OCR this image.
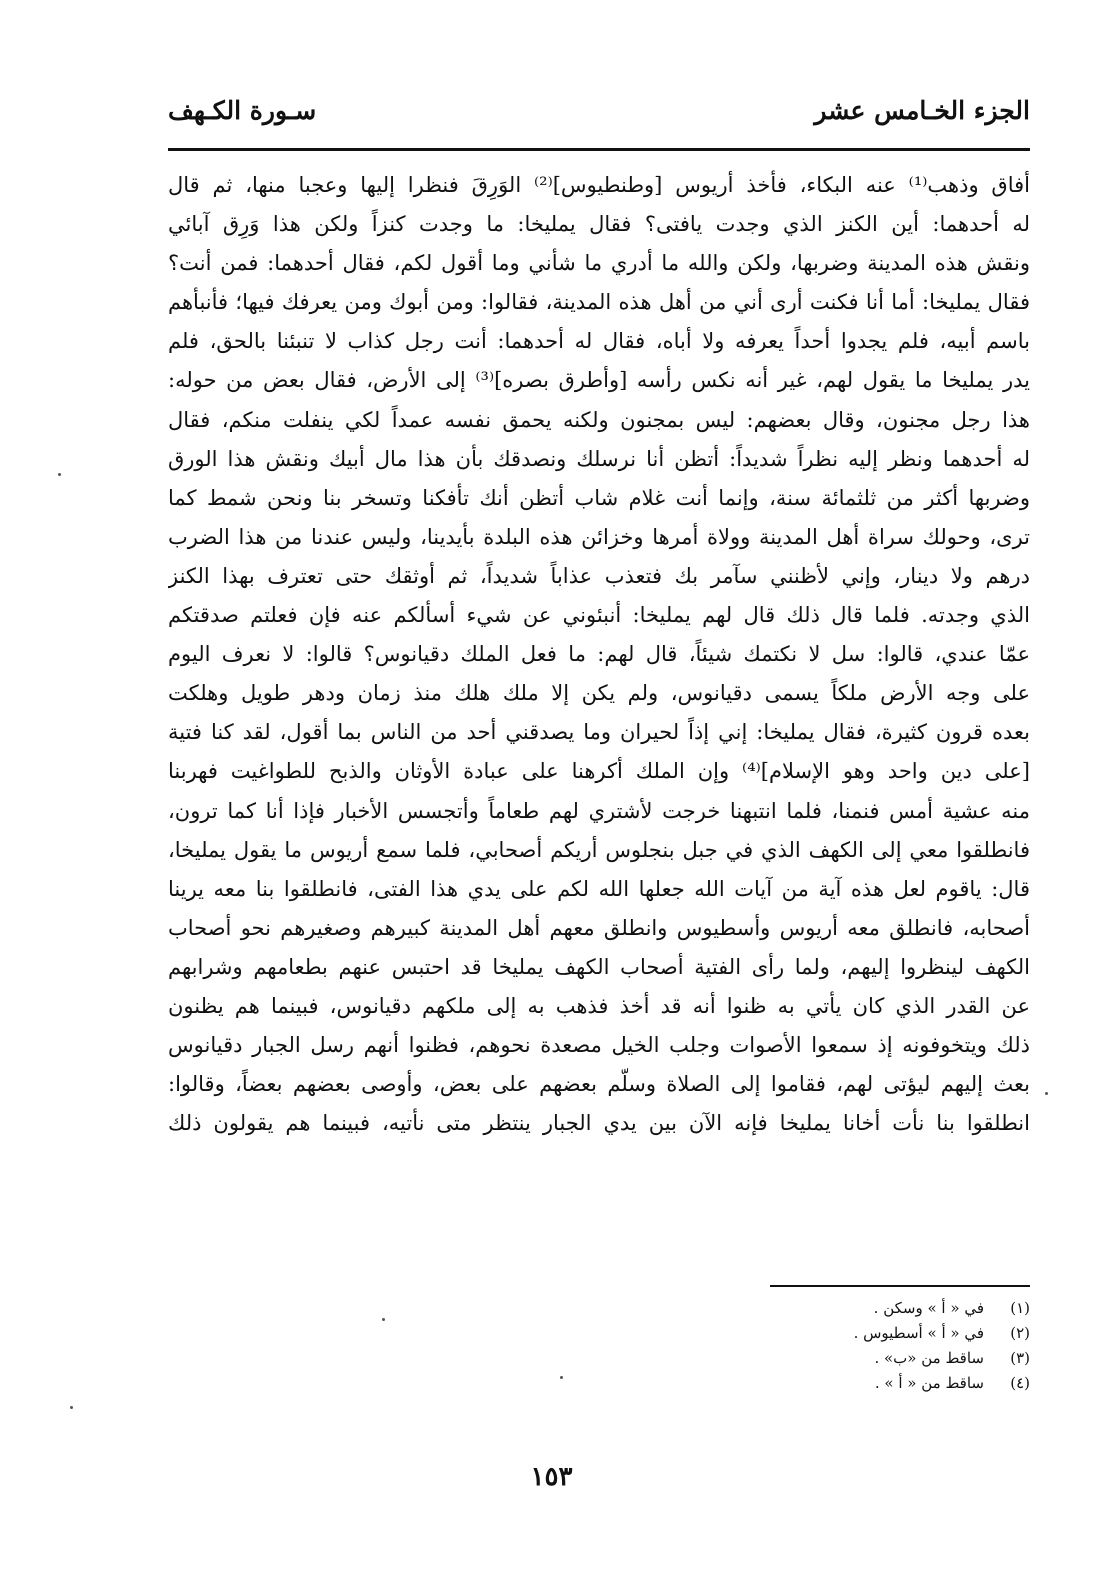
الجزء الخـامس عشر
سـورة الكـهف
أفاق وذهب⁽¹⁾ عنه البكاء، فأخذ أريوس [وطنطيوس]⁽²⁾ الوَرِقَ فنظرا إليها وعجبا منها، ثم قال
له أحدهما: أين الكنز الذي وجدت يافتى؟ فقال يمليخا: ما وجدت كنزاً ولكن هذا وَرِق آبائي
ونقش هذه المدينة وضربها، ولكن والله ما أدري ما شأني وما أقول لكم، فقال أحدهما: فمن أنت؟
فقال يمليخا: أما أنا فكنت أرى أني من أهل هذه المدينة، فقالوا: ومن أبوك ومن يعرفك فيها؛ فأنبأهم
باسم أبيه، فلم يجدوا أحداً يعرفه ولا أباه، فقال له أحدهما: أنت رجل كذاب لا تنبئنا بالحق، فلم
يدر يمليخا ما يقول لهم، غير أنه نكس رأسه [وأطرق بصره]⁽³⁾ إلى الأرض، فقال بعض من حوله:
هذا رجل مجنون، وقال بعضهم: ليس بمجنون ولكنه يحمق نفسه عمداً لكي ينفلت منكم، فقال
له أحدهما ونظر إليه نظراً شديداً: أتظن أنا نرسلك ونصدقك بأن هذا مال أبيك ونقش هذا الورق
وضربها أكثر من ثلثمائة سنة، وإنما أنت غلام شاب أتظن أنك تأفكنا وتسخر بنا ونحن شمط كما
ترى، وحولك سراة أهل المدينة وولاة أمرها وخزائن هذه البلدة بأيدينا، وليس عندنا من هذا الضرب
درهم ولا دينار، وإني لأظنني سآمر بك فتعذب عذاباً شديداً، ثم أوثقك حتى تعترف بهذا الكنز
الذي وجدته. فلما قال ذلك قال لهم يمليخا: أنبئوني عن شيء أسألكم عنه فإن فعلتم صدقتكم
عمّا عندي، قالوا: سل لا نكتمك شيئاً، قال لهم: ما فعل الملك دقيانوس؟ قالوا: لا نعرف اليوم
على وجه الأرض ملكاً يسمى دقيانوس، ولم يكن إلا ملك هلك منذ زمان ودهر طويل وهلكت
بعده قرون كثيرة، فقال يمليخا: إني إذاً لحيران وما يصدقني أحد من الناس بما أقول، لقد كنا فتية
[على دين واحد وهو الإسلام]⁽⁴⁾ وإن الملك أكرهنا على عبادة الأوثان والذبح للطواغيت فهربنا
منه عشية أمس فنمنا، فلما انتبهنا خرجت لأشتري لهم طعاماً وأتجسس الأخبار فإذا أنا كما ترون،
فانطلقوا معي إلى الكهف الذي في جبل بنجلوس أريكم أصحابي، فلما سمع أريوس ما يقول يمليخا،
قال: ياقوم لعل هذه آية من آيات الله جعلها الله لكم على يدي هذا الفتى، فانطلقوا بنا معه يرينا
أصحابه، فانطلق معه أريوس وأسطيوس وانطلق معهم أهل المدينة كبيرهم وصغيرهم نحو أصحاب
الكهف لينظروا إليهم، ولما رأى الفتية أصحاب الكهف يمليخا قد احتبس عنهم بطعامهم وشرابهم
عن القدر الذي كان يأتي به ظنوا أنه قد أخذ فذهب به إلى ملكهم دقيانوس، فبينما هم يظنون
ذلك ويتخوفونه إذ سمعوا الأصوات وجلب الخيل مصعدة نحوهم، فظنوا أنهم رسل الجبار دقيانوس
بعث إليهم ليؤتى لهم، فقاموا إلى الصلاة وسلّم بعضهم على بعض، وأوصى بعضهم بعضاً، وقالوا:
انطلقوا بنا نأت أخانا يمليخا فإنه الآن بين يدي الجبار ينتظر متى نأتيه، فبينما هم يقولون ذلك
(١)
في « أ » وسكن .
(٢)
في « أ » أسطيوس .
(٣)
ساقط من «ب» .
(٤)
ساقط من « أ » .
١٥٣
